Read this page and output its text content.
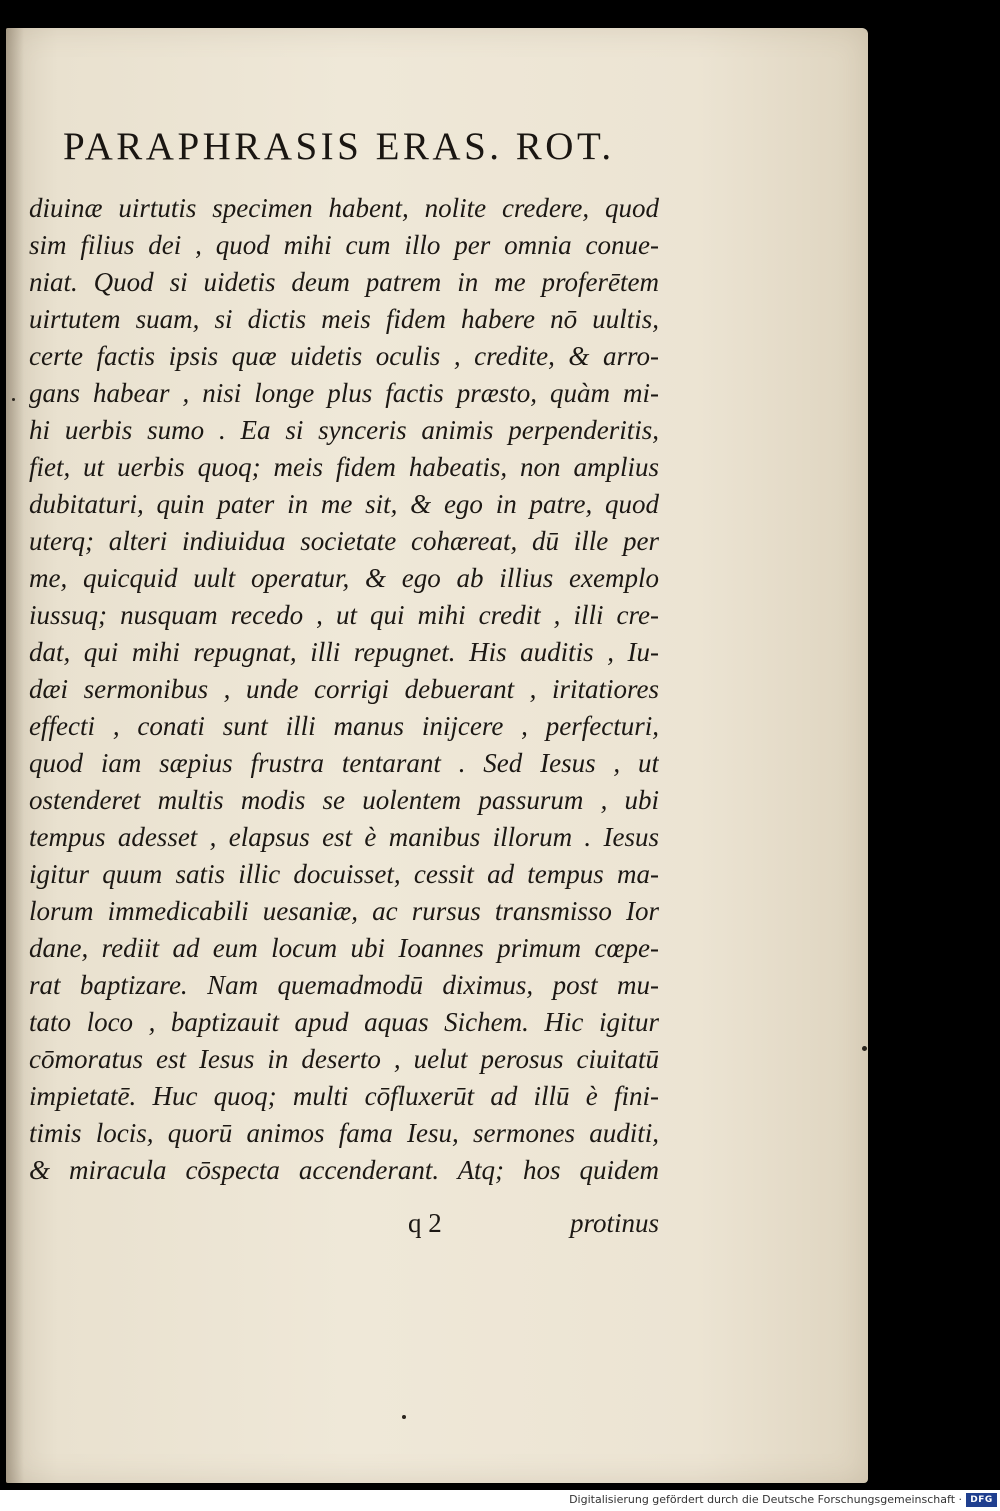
PARAPHRASIS ERAS. ROT.
diuinæ uirtutis specimen habent, nolite credere, quod
sim filius dei , quod mihi cum illo per omnia conue-
niat. Quod si uidetis deum patrem in me proferētem
uirtutem suam, si dictis meis fidem habere nō uultis,
certe factis ipsis quæ uidetis oculis , credite, & arro-
gans habear , nisi longe plus factis præsto, quàm mi-
hi uerbis sumo . Ea si synceris animis perpenderitis,
fiet, ut uerbis quoq; meis fidem habeatis, non amplius
dubitaturi, quin pater in me sit, & ego in patre, quod
uterq; alteri indiuidua societate cohæreat, dū ille per
me, quicquid uult operatur, & ego ab illius exemplo
iussuq; nusquam recedo , ut qui mihi credit , illi cre-
dat, qui mihi repugnat, illi repugnet. His auditis , Iu-
dæi sermonibus , unde corrigi debuerant , iritatiores
effecti , conati sunt illi manus inijcere , perfecturi,
quod iam sæpius frustra tentarant . Sed Iesus , ut
ostenderet multis modis se uolentem passurum , ubi
tempus adesset , elapsus est è manibus illorum . Iesus
igitur quum satis illic docuisset, cessit ad tempus ma-
lorum immedicabili uesaniæ, ac rursus transmisso Ior
dane, rediit ad eum locum ubi Ioannes primum cœpe-
rat baptizare. Nam quemadmodū diximus, post mu-
tato loco , baptizauit apud aquas Sichem. Hic igitur
cōmoratus est Iesus in deserto , uelut perosus ciuitatū
impietatē. Huc quoq; multi cōfluxerūt ad illū è fini-
timis locis, quorū animos fama Iesu, sermones auditi,
& miracula cōspecta accenderant. Atq; hos quidem
q 2	protinus
Digitalisierung gefördert durch die Deutsche Forschungsgemeinschaft · DFG
